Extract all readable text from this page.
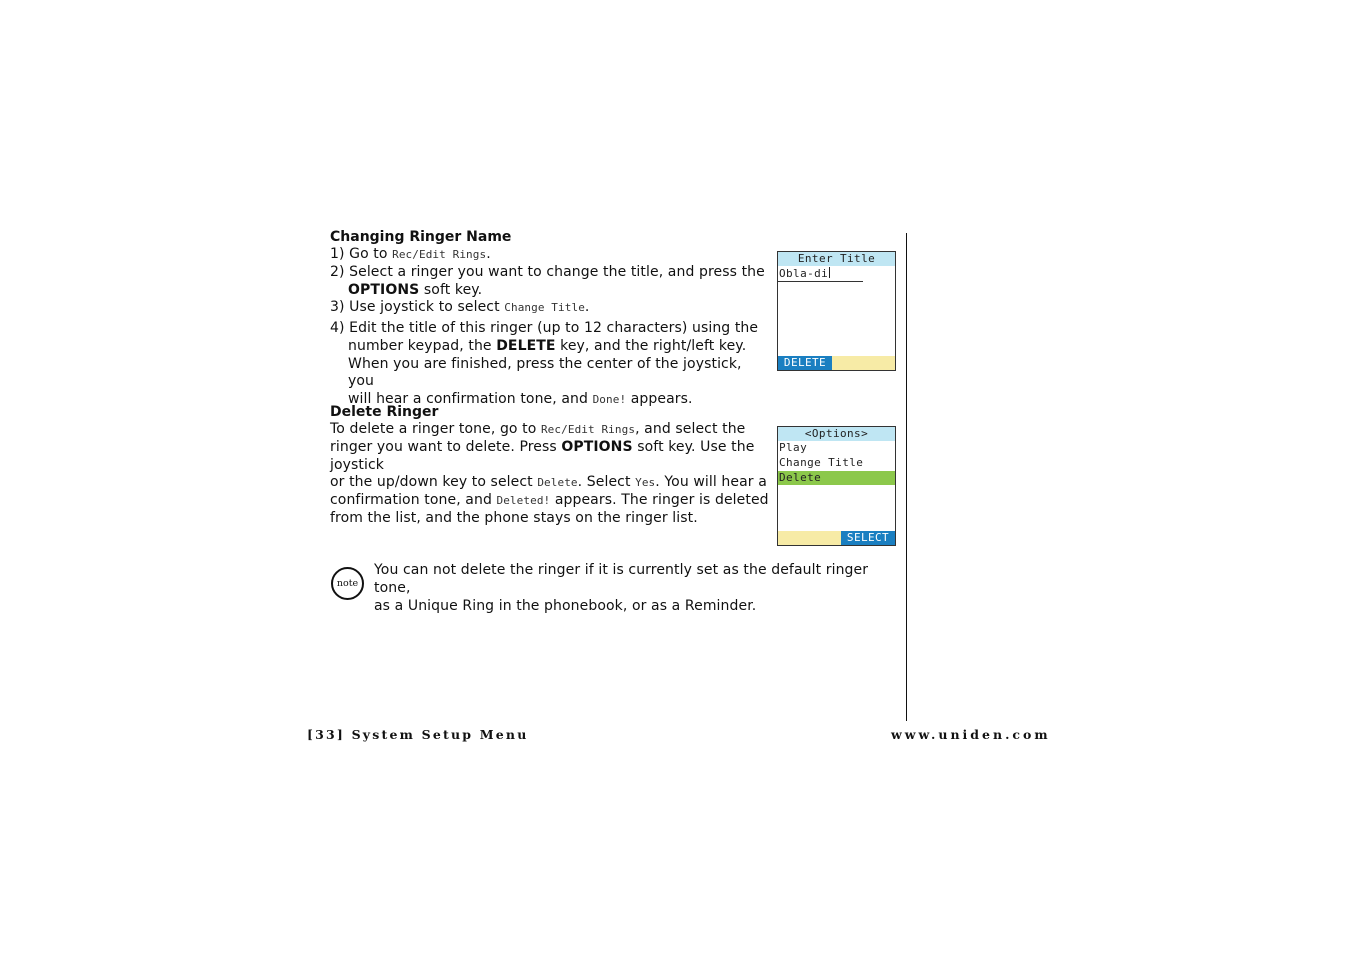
Changing Ringer Name
1) Go to Rec/Edit Rings.
2) Select a ringer you want to change the title, and press the
OPTIONS soft key.
3) Use joystick to select Change Title.
4) Edit the title of this ringer (up to 12 characters) using the
number keypad, the DELETE key, and the right/left key.
When you are finished, press the center of the joystick, you
will hear a confirmation tone, and Done! appears.
Delete Ringer
To delete a ringer tone, go to Rec/Edit Rings, and select the
ringer you want to delete. Press OPTIONS soft key. Use the joystick
or the up/down key to select Delete. Select Yes. You will hear a
confirmation tone, and Deleted! appears. The ringer is deleted
from the list, and the phone stays on the ringer list.
Enter Title
Obla-di
DELETE
<Options>
Play
Change Title
Delete
SELECT
note
You can not delete the ringer if it is currently set as the default ringer tone,
as a Unique Ring in the phonebook, or as a Reminder.
[33] System Setup Menu	www.uniden.com
